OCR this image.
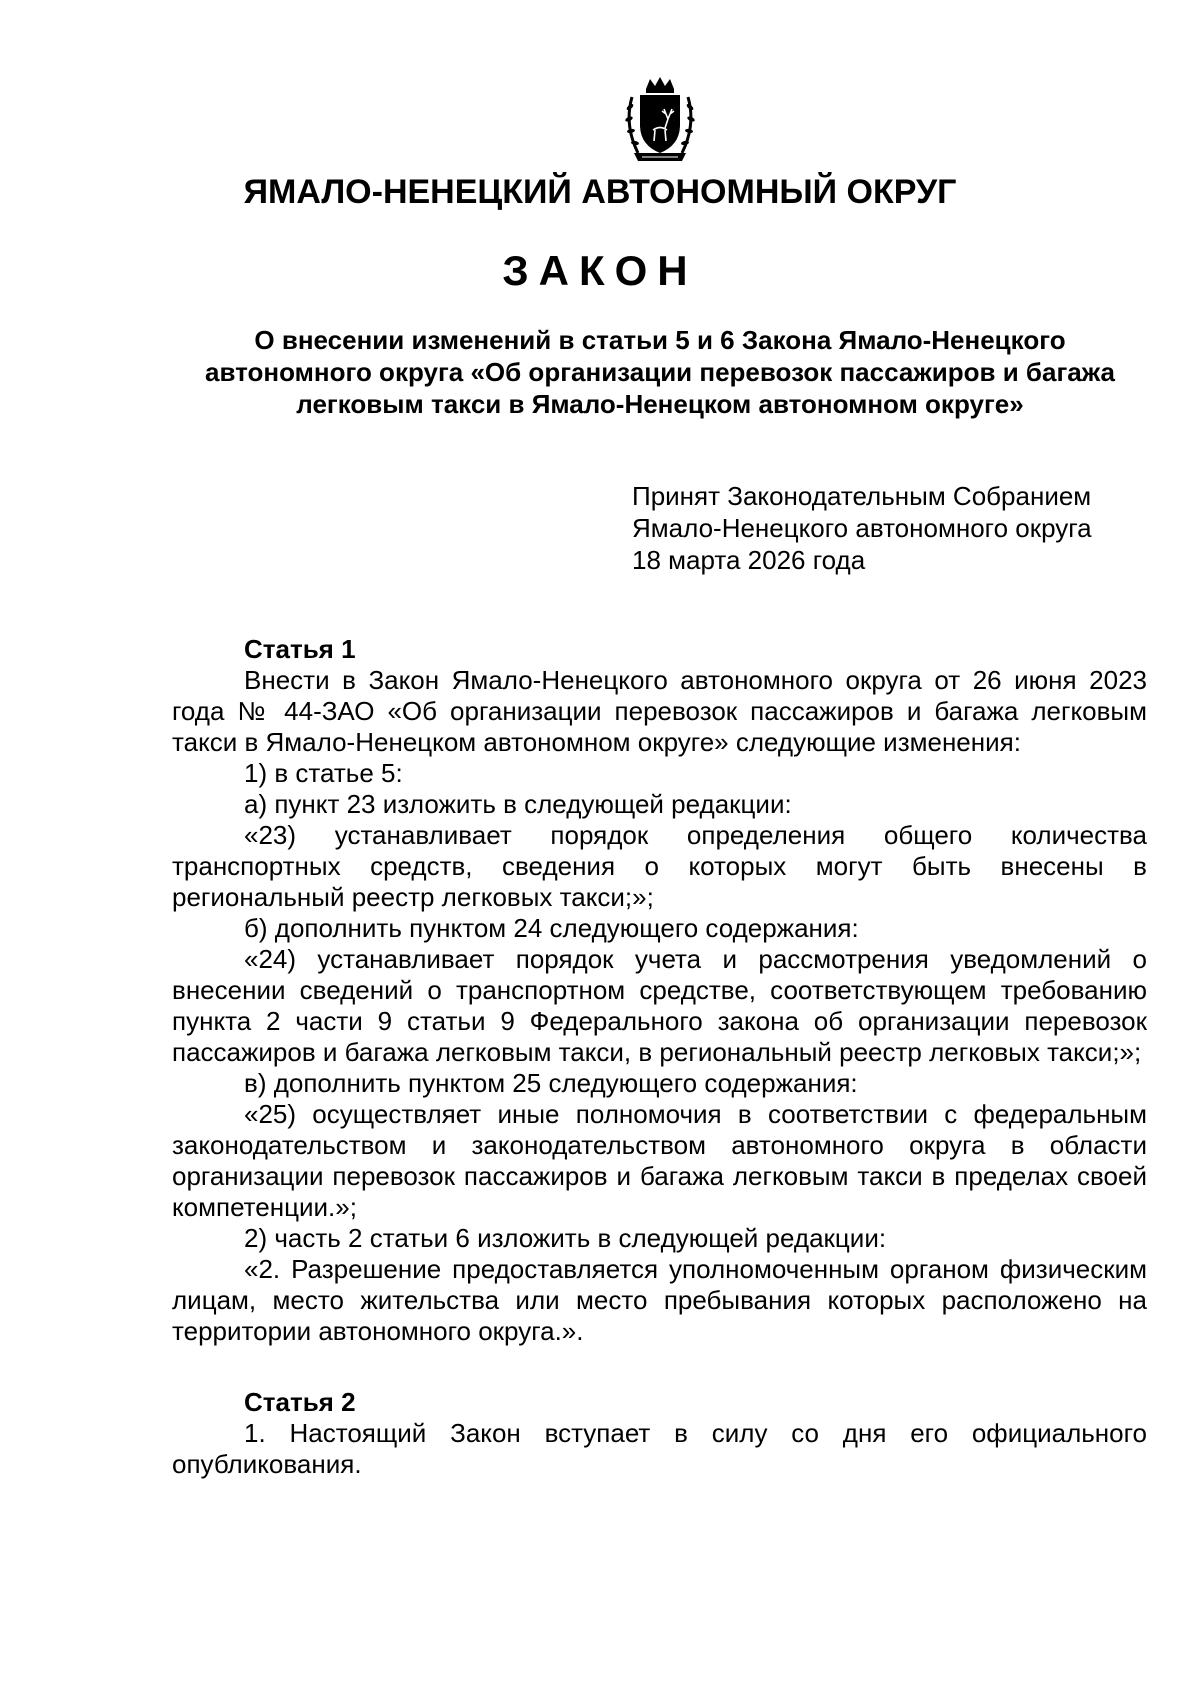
ЯМАЛО-НЕНЕЦКИЙ АВТОНОМНЫЙ ОКРУГ
ЗАКОН
О внесении изменений в статьи 5 и 6 Закона Ямало-Ненецкого
автономного округа «Об организации перевозок пассажиров и багажа
легковым такси в Ямало-Ненецком автономном округе»
Принят Законодательным Собранием
Ямало-Ненецкого автономного округа
18 марта 2026 года

Статья 1

Внести в Закон Ямало-Ненецкого автономного округа от 26 июня 2023 года № 44-ЗАО «Об организации перевозок пассажиров и багажа легковым такси в Ямало-Ненецком автономном округе» следующие изменения:

1) в статье 5:

а) пункт 23 изложить в следующей редакции:

«23) устанавливает порядок определения общего количества транспортных средств, сведения о которых могут быть внесены в региональный реестр легковых такси;»;

б) дополнить пунктом 24 следующего содержания:

«24) устанавливает порядок учета и рассмотрения уведомлений о внесении сведений о транспортном средстве, соответствующем требованию пункта 2 части 9 статьи 9 Федерального закона об организации перевозок пассажиров и багажа легковым такси, в региональный реестр легковых такси;»;

в) дополнить пунктом 25 следующего содержания:

«25) осуществляет иные полномочия в соответствии с федеральным законодательством и законодательством автономного округа в области организации перевозок пассажиров и багажа легковым такси в пределах своей компетенции.»;

2) часть 2 статьи 6 изложить в следующей редакции:

«2. Разрешение предоставляется уполномоченным органом физическим лицам, место жительства или место пребывания которых расположено на территории автономного округа.».

Статья 2

1. Настоящий Закон вступает в силу со дня его официального опубликования.
